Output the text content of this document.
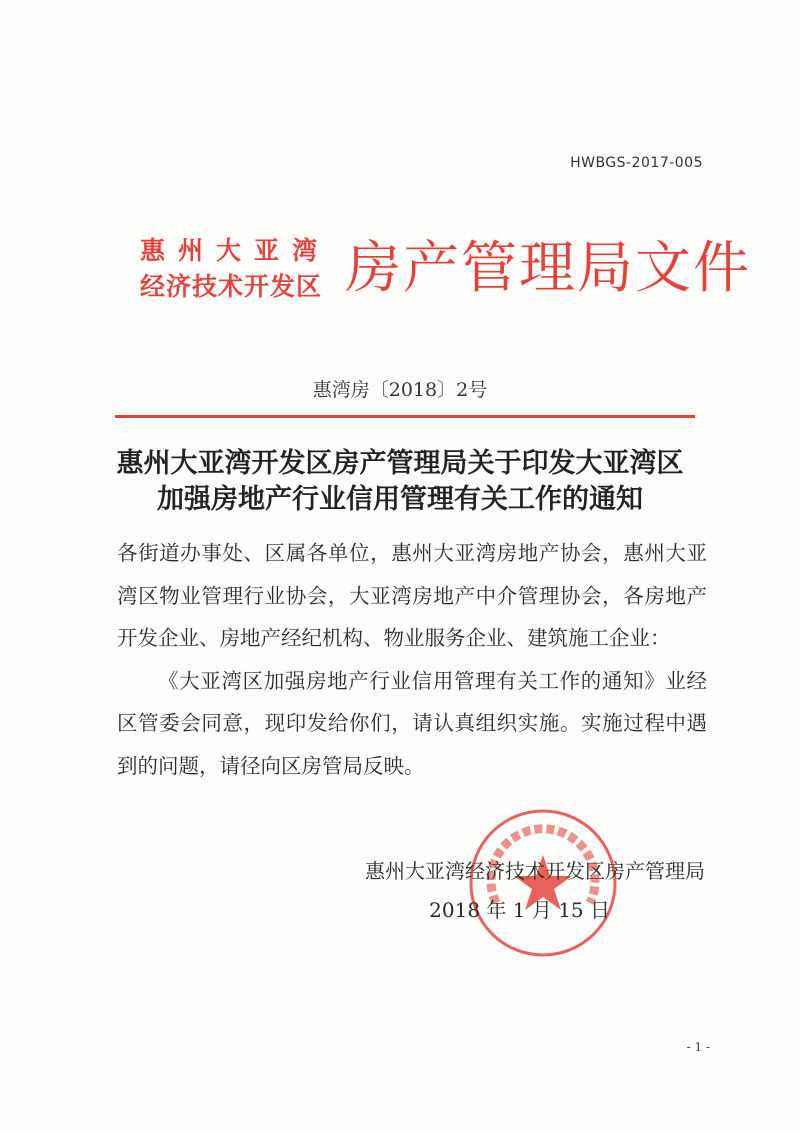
HWBGS-2017-005
惠州大亚湾
经济技术开发区 房产管理局文件
惠湾房〔2018〕2号
惠州大亚湾开发区房产管理局关于印发大亚湾区
加强房地产行业信用管理有关工作的通知

各街道办事处、区属各单位，惠州大亚湾房地产协会，惠州大亚湾区物业管理行业协会，大亚湾房地产中介管理协会，各房地产开发企业、房地产经纪机构、物业服务企业、建筑施工企业：

《大亚湾区加强房地产行业信用管理有关工作的通知》业经区管委会同意，现印发给你们，请认真组织实施。实施过程中遇到的问题，请径向区房管局反映。

惠州大亚湾经济技术开发区房产管理局
2018 年 1 月 15 日
- 1 -
